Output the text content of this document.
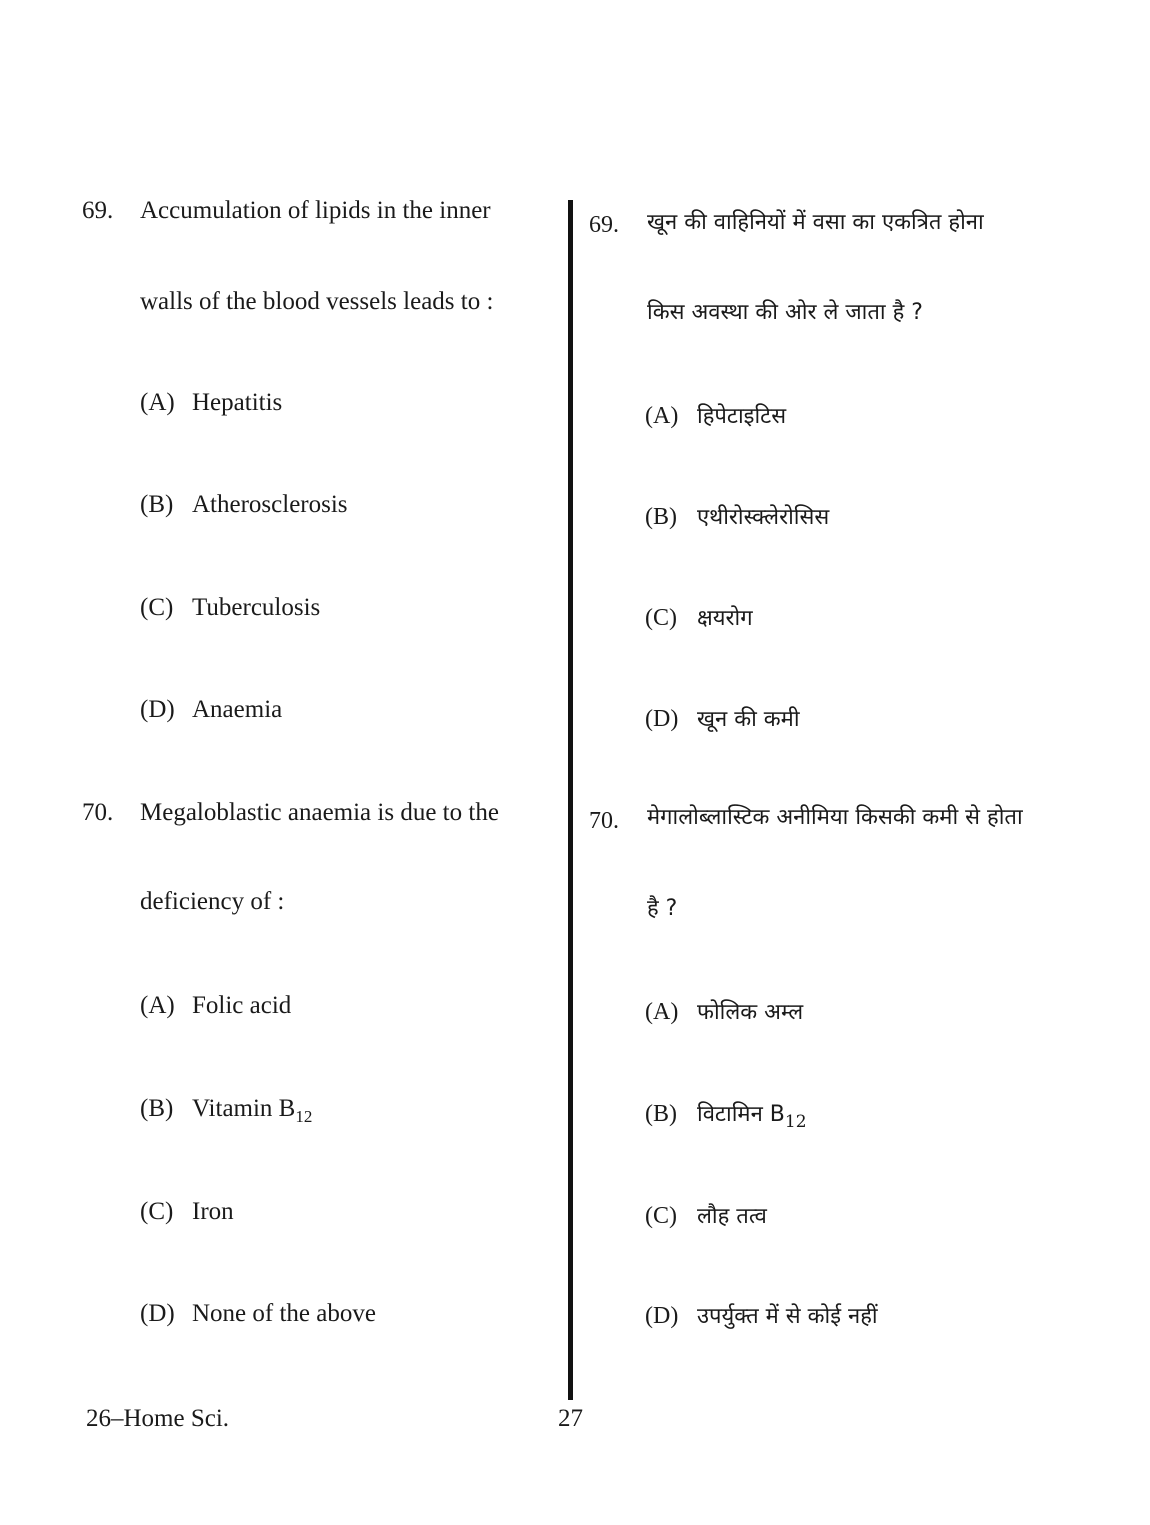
69. Accumulation of lipids in the inner
walls of the blood vessels leads to :
(A) Hepatitis
(B) Atherosclerosis
(C) Tuberculosis
(D) Anaemia
70. Megaloblastic anaemia is due to the
deficiency of :
(A) Folic acid
(B) Vitamin $B_{12}$
(C) Iron
(D) None of the above
69. खून की वाहिनियों में वसा का एकत्रित होना
किस अवस्था की ओर ले जाता है ?
(A) हिपेटाइटिस
(B) एथीरोस्क्लेरोसिस
(C) क्षयरोग
(D) खून की कमी
70. मेगालोब्लास्टिक अनीमिया किसकी कमी से होता
है ?
(A) फोलिक अम्ल
(B) विटामिन $B_{12}$
(C) लौह तत्व
(D) उपर्युक्त में से कोई नहीं
26–Home Sci.	27
